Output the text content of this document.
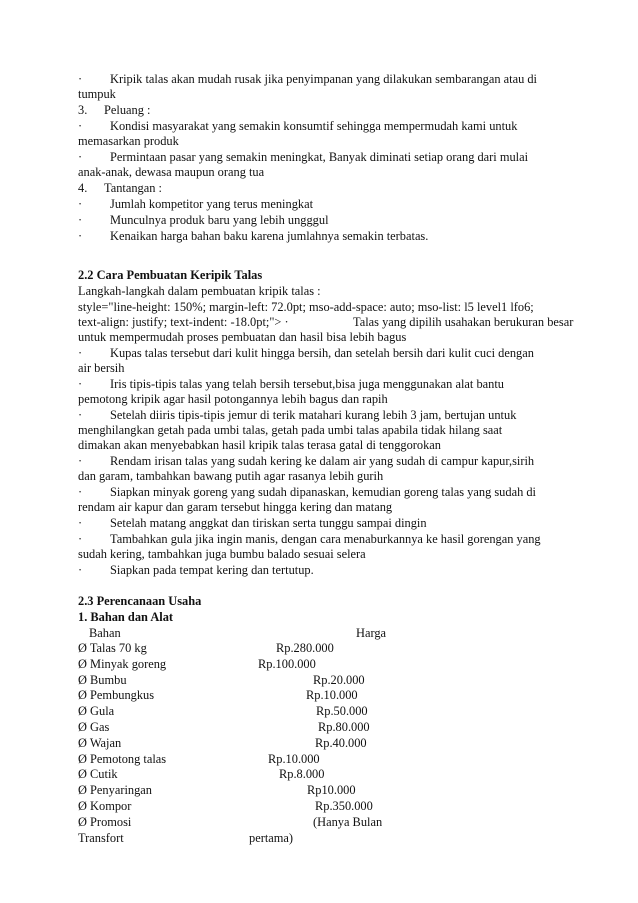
· Kripik talas akan mudah rusak jika penyimpanan yang dilakukan sembarangan atau di
tumpuk
3. Peluang :
· Kondisi masyarakat yang semakin konsumtif sehingga mempermudah kami untuk
memasarkan produk
· Permintaan pasar yang semakin meningkat, Banyak diminati setiap orang dari mulai
anak-anak, dewasa maupun orang tua
4. Tantangan :
· Jumlah kompetitor yang terus meningkat
· Munculnya produk baru yang lebih ungggul
· Kenaikan harga bahan baku karena jumlahnya semakin terbatas.
2.2 Cara Pembuatan Keripik Talas
Langkah-langkah dalam pembuatan kripik talas :
style="line-height: 150%; margin-left: 72.0pt; mso-add-space: auto; mso-list: l5 level1 lfo6;
text-align: justify; text-indent: -18.0pt;"> ·	Talas yang dipilih usahakan berukuran besar
untuk mempermudah proses pembuatan dan hasil bisa lebih bagus
· Kupas talas tersebut dari kulit hingga bersih, dan setelah bersih dari kulit cuci dengan
air bersih
· Iris tipis-tipis talas yang telah bersih tersebut,bisa juga menggunakan alat bantu
pemotong kripik agar hasil potongannya lebih bagus dan rapih
· Setelah diiris tipis-tipis jemur di terik matahari kurang lebih 3 jam, bertujan untuk
menghilangkan getah pada umbi talas, getah pada umbi talas apabila tidak hilang saat
dimakan akan menyebabkan hasil kripik talas terasa gatal di tenggorokan
· Rendam irisan talas yang sudah kering ke dalam air yang sudah di campur kapur,sirih
dan garam, tambahkan bawang putih agar rasanya lebih gurih
· Siapkan minyak goreng yang sudah dipanaskan, kemudian goreng talas yang sudah di
rendam air kapur dan garam tersebut hingga kering dan matang
· Setelah matang anggkat dan tiriskan serta tunggu sampai dingin
· Tambahkan gula jika ingin manis, dengan cara menaburkannya ke hasil gorengan yang
sudah kering, tambahkan juga bumbu balado sesuai selera
· Siapkan pada tempat kering dan tertutup.
2.3 Perencanaan Usaha
1. Bahan dan Alat
Bahan	Harga
Ø Talas 70 kg	Rp.280.000
Ø Minyak goreng	Rp.100.000
Ø Bumbu	Rp.20.000
Ø Pembungkus	Rp.10.000
Ø Gula	Rp.50.000
Ø Gas	Rp.80.000
Ø Wajan	Rp.40.000
Ø Pemotong talas	Rp.10.000
Ø Cutik	Rp.8.000
Ø Penyaringan	Rp10.000
Ø Kompor	Rp.350.000
Ø Promosi	(Hanya Bulan
Transfort	pertama)
